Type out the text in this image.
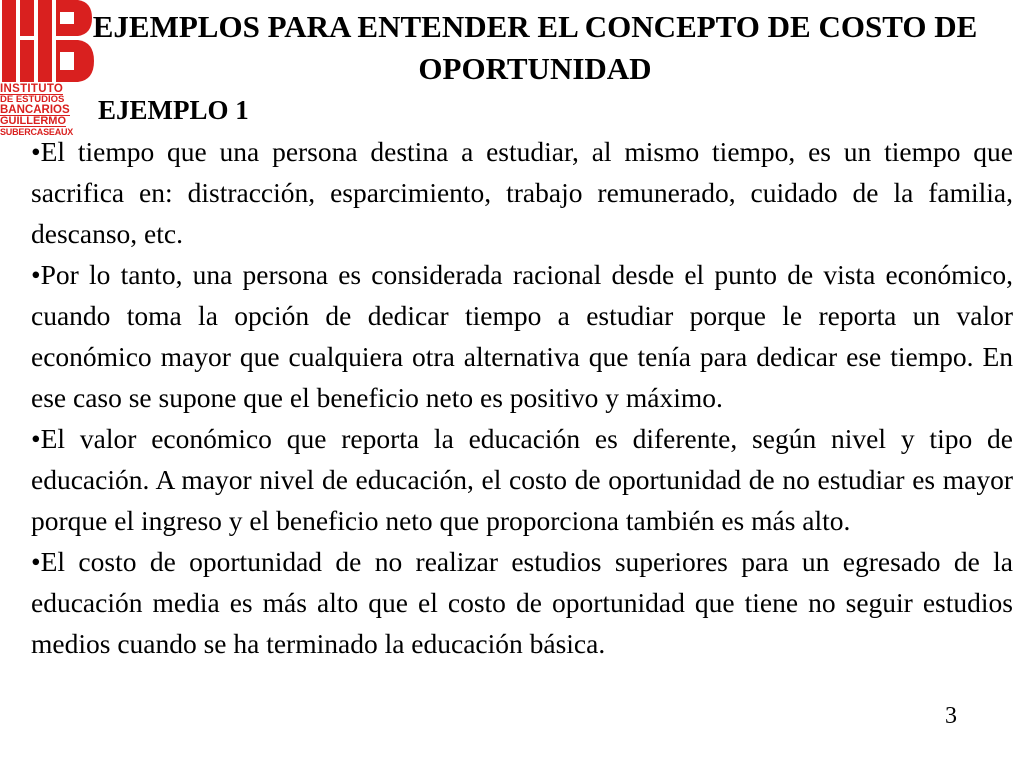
INSTITUTO
DE ESTUDIOS
BANCARIOS
GUILLERMO
SUBERCASEAUX
EJEMPLOS PARA ENTENDER EL CONCEPTO DE COSTO DE OPORTUNIDAD
EJEMPLO 1

•El tiempo que una persona destina a estudiar, al mismo tiempo, es un tiempo que sacrifica en: distracción, esparcimiento, trabajo remunerado, cuidado de la familia, descanso, etc.

•Por lo tanto, una persona es considerada racional desde el punto de vista económico, cuando toma la opción de dedicar tiempo a estudiar porque le reporta un valor económico mayor que cualquiera otra alternativa que tenía para dedicar ese tiempo. En ese caso se supone que el beneficio neto es positivo y máximo.

•El valor económico que reporta la educación es diferente, según nivel y tipo de educación. A mayor nivel de educación, el costo de oportunidad de no estudiar es mayor porque el ingreso y el beneficio neto que proporciona también es más alto.

•El costo de oportunidad de no realizar estudios superiores para un egresado de la educación media es más alto que el costo de oportunidad que tiene no seguir estudios medios cuando se ha terminado la educación básica.

3
